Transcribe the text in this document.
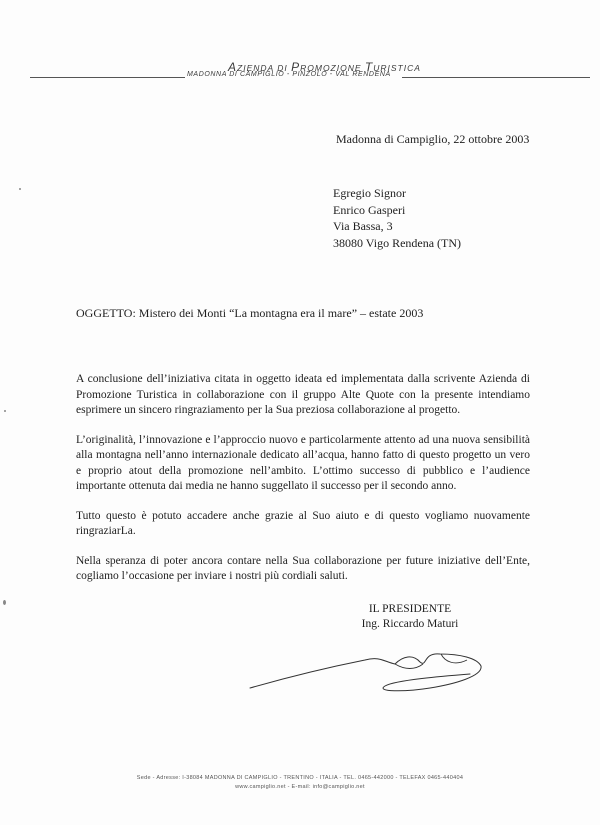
AZIENDA DI PROMOZIONE TURISTICA
MADONNA DI CAMPIGLIO - PINZOLO - VAL RENDENA
Madonna di Campiglio, 22 ottobre 2003
Egregio Signor
Enrico Gasperi
Via Bassa, 3
38080 Vigo Rendena (TN)
OGGETTO: Mistero dei Monti “La montagna era il mare” – estate 2003

A conclusione dell’iniziativa citata in oggetto ideata ed implementata dalla scrivente Azienda di Promozione Turistica in collaborazione con il gruppo Alte Quote con la presente intendiamo esprimere un sincero ringraziamento per la Sua preziosa collaborazione al progetto.

L’originalità, l’innovazione e l’approccio nuovo e particolarmente attento ad una nuova sensibilità alla montagna nell’anno internazionale dedicato all’acqua, hanno fatto di questo progetto un vero e proprio atout della promozione nell’ambito. L’ottimo successo di pubblico e l’audience importante ottenuta dai media ne hanno suggellato il successo per il secondo anno.

Tutto questo è potuto accadere anche grazie al Suo aiuto e di questo vogliamo nuovamente ringraziarLa.

Nella speranza di poter ancora contare nella Sua collaborazione per future iniziative dell’Ente, cogliamo l’occasione per inviare i nostri più cordiali saluti.

IL PRESIDENTE
Ing. Riccardo Maturi
Sede - Adresse: I-38084 MADONNA DI CAMPIGLIO - TRENTINO - ITALIA - TEL. 0465-442000 - TELEFAX 0465-440404
www.campiglio.net - E-mail: info@campiglio.net
